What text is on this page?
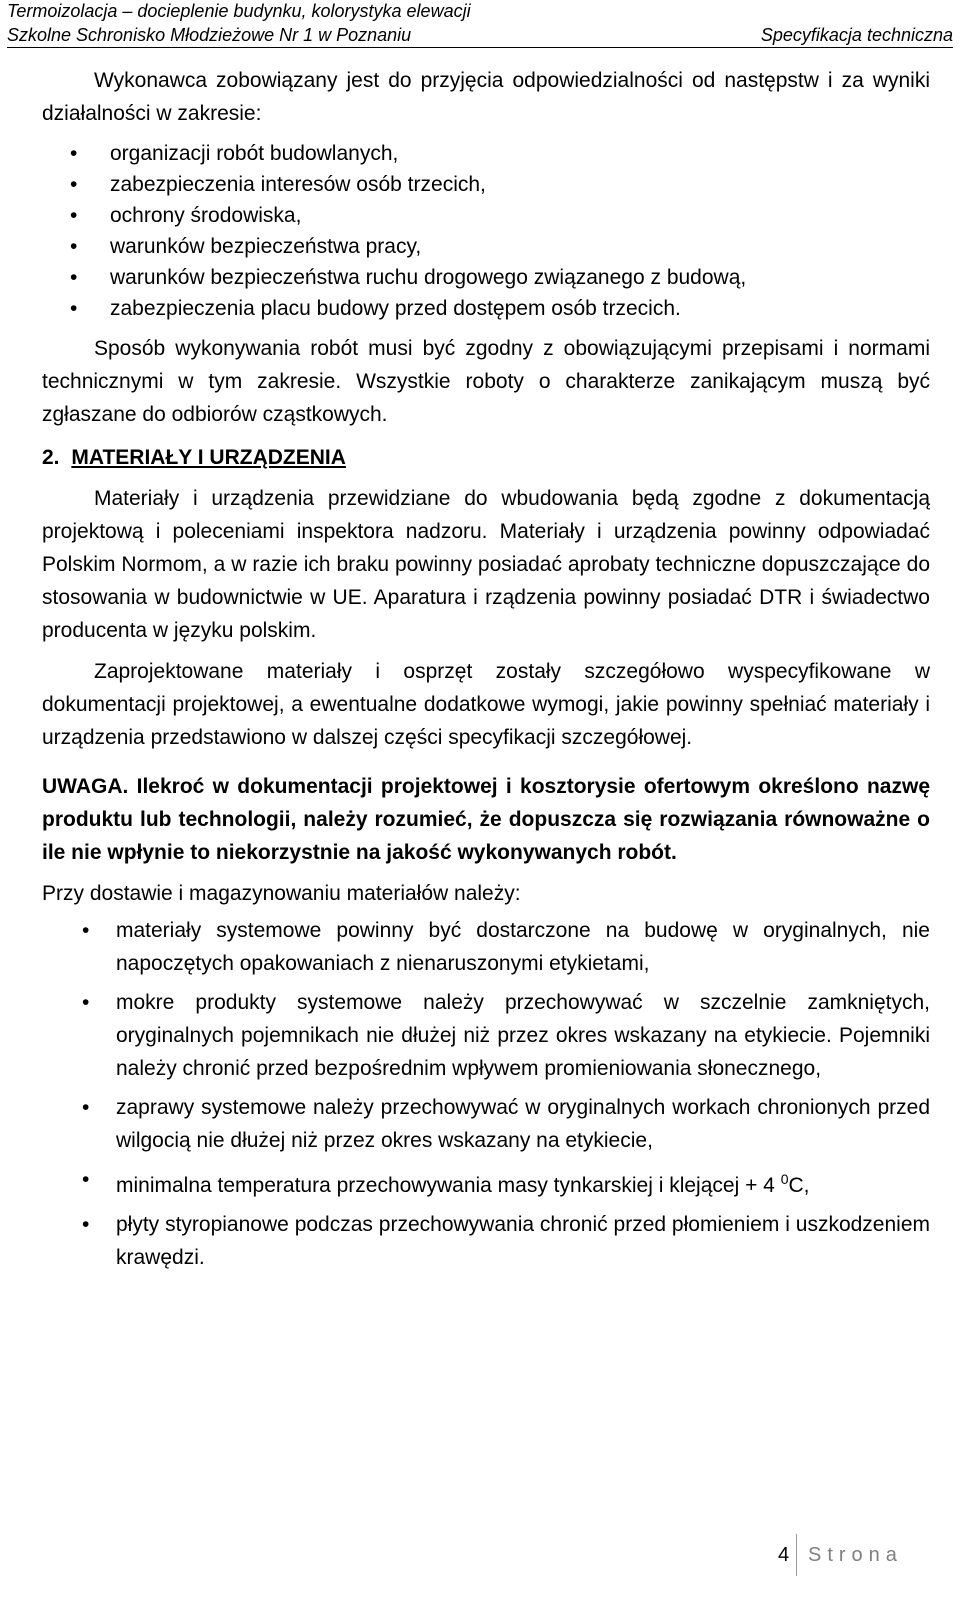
Termoizolacja – docieplenie budynku, kolorystyka elewacji
Szkolne Schronisko Młodzieżowe Nr 1 w Poznaniu	Specyfikacja techniczna

Wykonawca zobowiązany jest do przyjęcia odpowiedzialności od następstw i za wyniki działalności w zakresie:

• organizacji robót budowlanych,
• zabezpieczenia interesów osób trzecich,
• ochrony środowiska,
• warunków bezpieczeństwa pracy,
• warunków bezpieczeństwa ruchu drogowego związanego z budową,
• zabezpieczenia placu budowy przed dostępem osób trzecich.

Sposób wykonywania robót musi być zgodny z obowiązującymi przepisami i normami technicznymi w tym zakresie. Wszystkie roboty o charakterze zanikającym muszą być zgłaszane do odbiorów cząstkowych.

2. MATERIAŁY I URZĄDZENIA

Materiały i urządzenia przewidziane do wbudowania będą zgodne z dokumentacją projektową i poleceniami inspektora nadzoru. Materiały i urządzenia powinny odpowiadać Polskim Normom, a w razie ich braku powinny posiadać aprobaty techniczne dopuszczające do stosowania w budownictwie w UE. Aparatura i rządzenia powinny posiadać DTR i świadectwo producenta w języku polskim.

Zaprojektowane materiały i osprzęt zostały szczegółowo wyspecyfikowane w dokumentacji projektowej, a ewentualne dodatkowe wymogi, jakie powinny spełniać materiały i urządzenia przedstawiono w dalszej części specyfikacji szczegółowej.

UWAGA. Ilekroć w dokumentacji projektowej i kosztorysie ofertowym określono nazwę produktu lub technologii, należy rozumieć, że dopuszcza się rozwiązania równoważne o ile nie wpłynie to niekorzystnie na jakość wykonywanych robót.

Przy dostawie i magazynowaniu materiałów należy:

• materiały systemowe powinny być dostarczone na budowę w oryginalnych, nie napoczętych opakowaniach z nienaruszonymi etykietami,
• mokre produkty systemowe należy przechowywać w szczelnie zamkniętych, oryginalnych pojemnikach nie dłużej niż przez okres wskazany na etykiecie. Pojemniki należy chronić przed bezpośrednim wpływem promieniowania słonecznego,
• zaprawy systemowe należy przechowywać w oryginalnych workach chronionych przed wilgocią nie dłużej niż przez okres wskazany na etykiecie,
• minimalna temperatura przechowywania masy tynkarskiej i klejącej + 4 $^0$C,
• płyty styropianowe podczas przechowywania chronić przed płomieniem i uszkodzeniem krawędzi.
4 Strona
